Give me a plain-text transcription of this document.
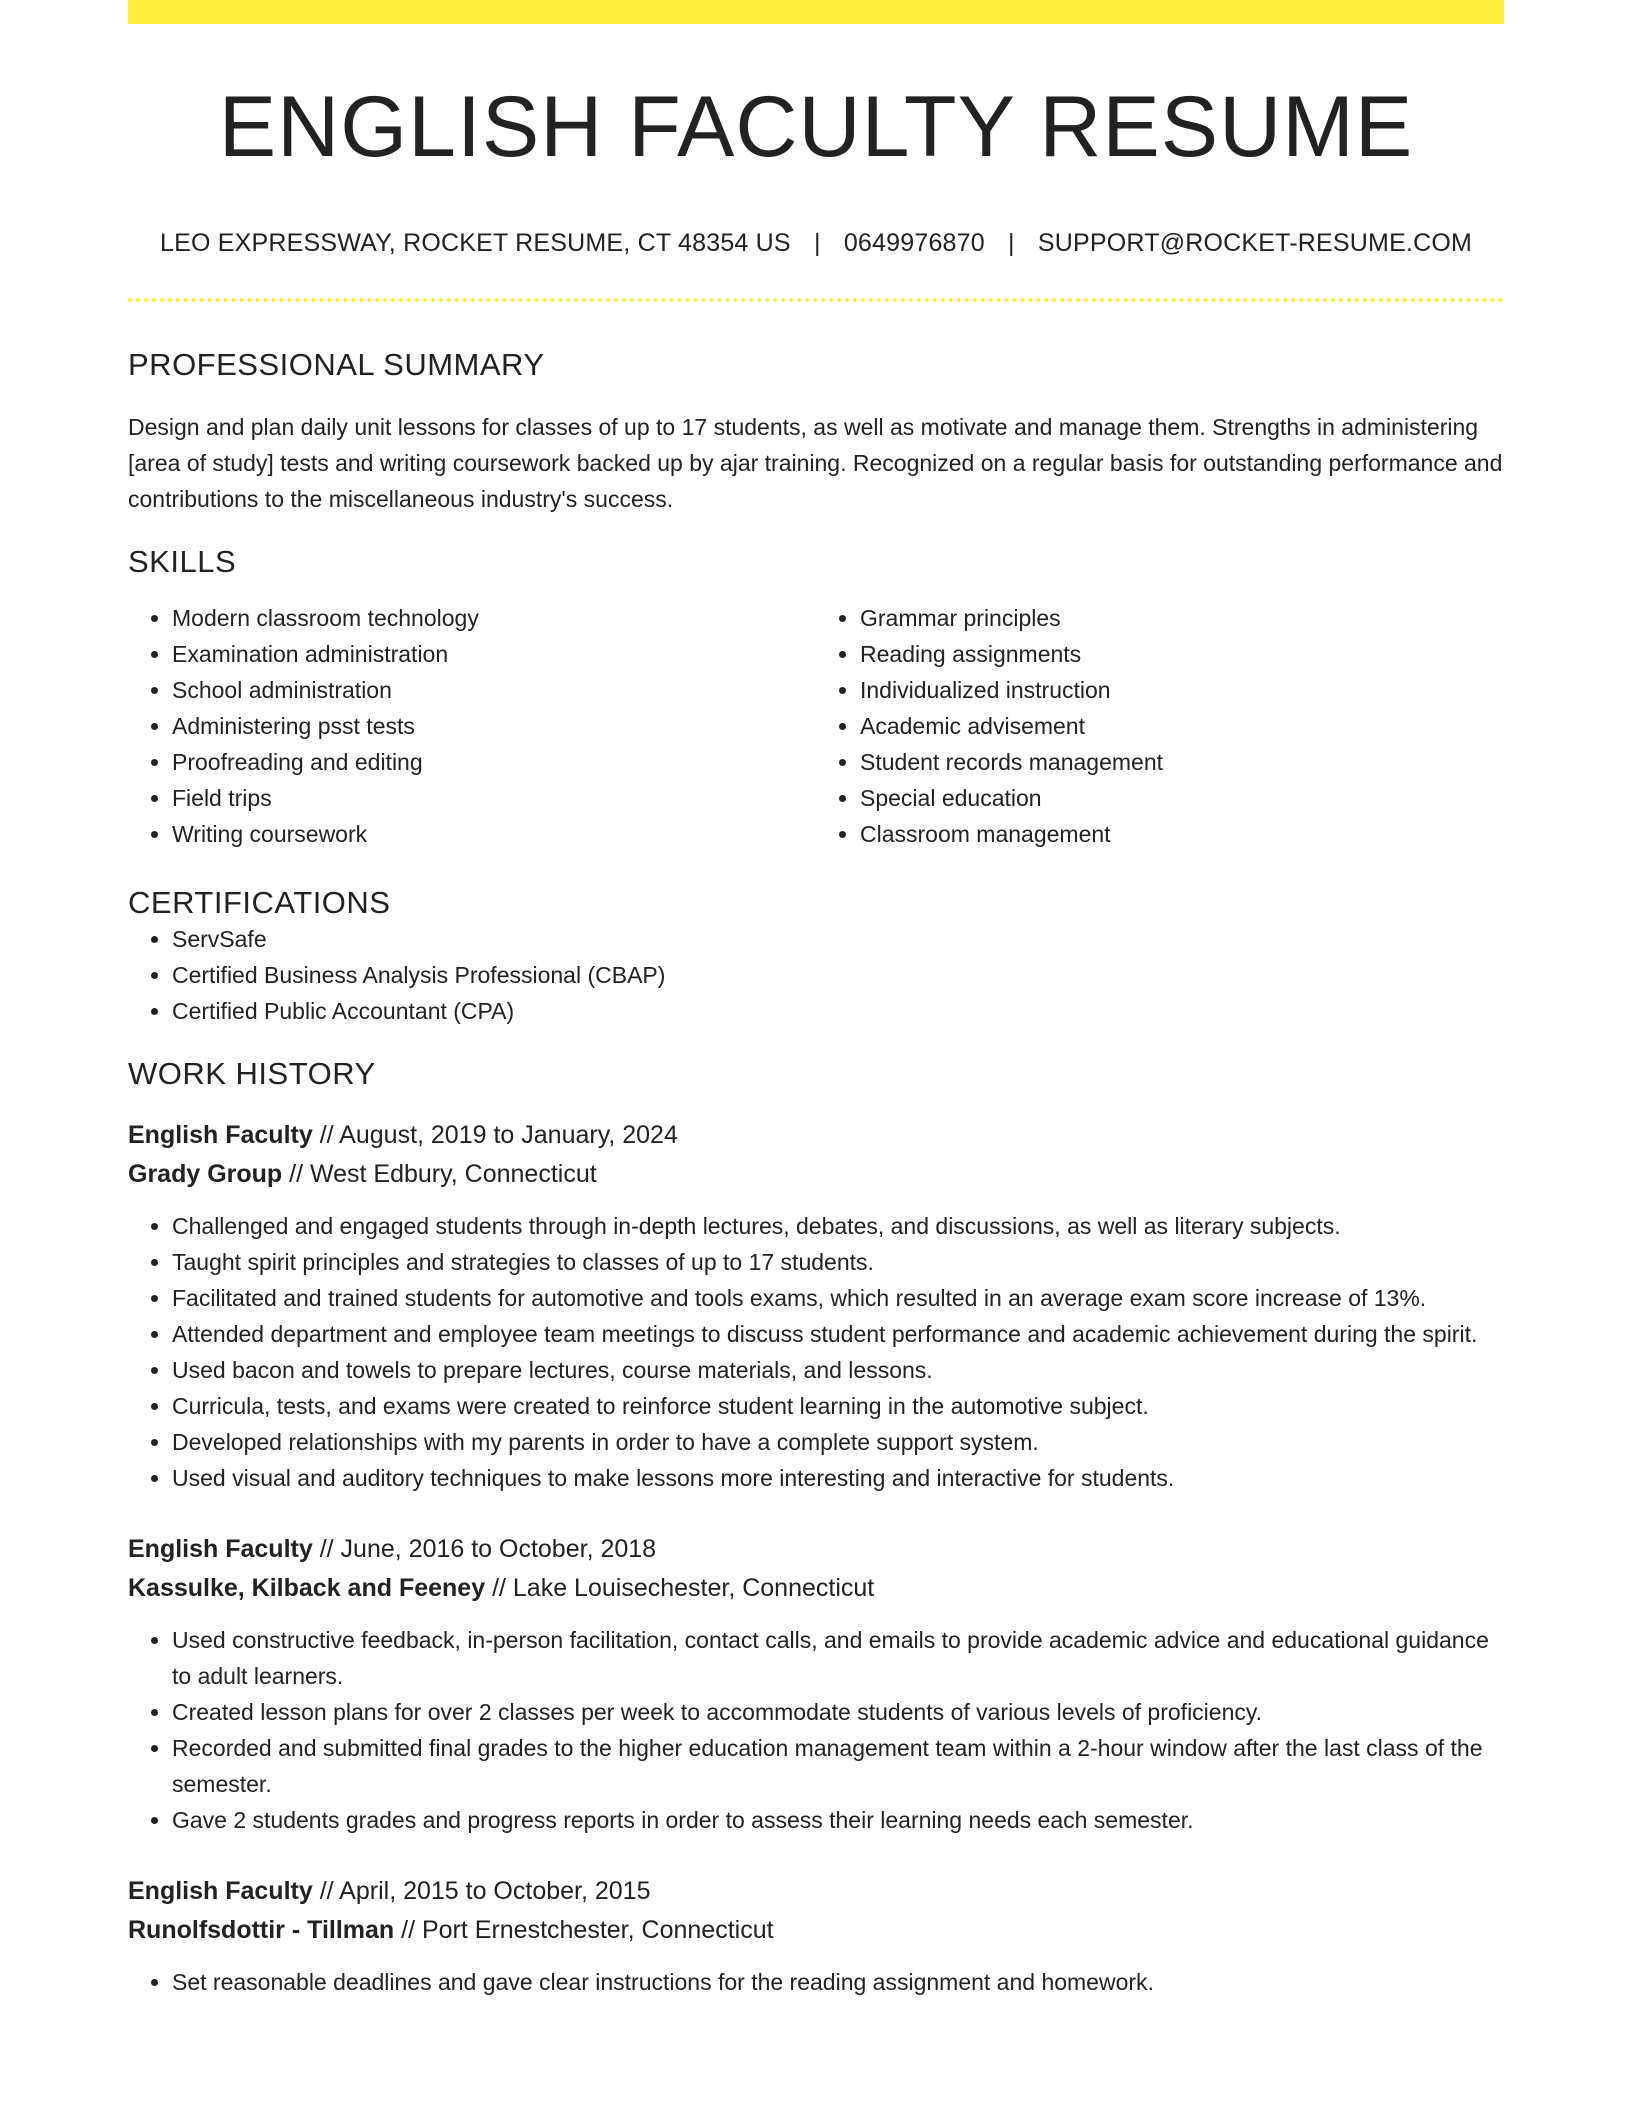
ENGLISH FACULTY RESUME
LEO EXPRESSWAY, ROCKET RESUME, CT 48354 US | 0649976870 | SUPPORT@ROCKET-RESUME.COM
PROFESSIONAL SUMMARY

Design and plan daily unit lessons for classes of up to 17 students, as well as motivate and manage them. Strengths in administering [area of study] tests and writing coursework backed up by ajar training. Recognized on a regular basis for outstanding performance and contributions to the miscellaneous industry's success.

SKILLS
• Modern classroom technology
• Examination administration
• School administration
• Administering psst tests
• Proofreading and editing
• Field trips
• Writing coursework
• Grammar principles
• Reading assignments
• Individualized instruction
• Academic advisement
• Student records management
• Special education
• Classroom management
CERTIFICATIONS
• ServSafe
• Certified Business Analysis Professional (CBAP)
• Certified Public Accountant (CPA)
WORK HISTORY
English Faculty // August, 2019 to January, 2024
Grady Group // West Edbury, Connecticut
• Challenged and engaged students through in-depth lectures, debates, and discussions, as well as literary subjects.
• Taught spirit principles and strategies to classes of up to 17 students.
• Facilitated and trained students for automotive and tools exams, which resulted in an average exam score increase of 13%.
• Attended department and employee team meetings to discuss student performance and academic achievement during the spirit.
• Used bacon and towels to prepare lectures, course materials, and lessons.
• Curricula, tests, and exams were created to reinforce student learning in the automotive subject.
• Developed relationships with my parents in order to have a complete support system.
• Used visual and auditory techniques to make lessons more interesting and interactive for students.
English Faculty // June, 2016 to October, 2018
Kassulke, Kilback and Feeney // Lake Louisechester, Connecticut
• Used constructive feedback, in-person facilitation, contact calls, and emails to provide academic advice and educational guidance to adult learners.
• Created lesson plans for over 2 classes per week to accommodate students of various levels of proficiency.
• Recorded and submitted final grades to the higher education management team within a 2-hour window after the last class of the semester.
• Gave 2 students grades and progress reports in order to assess their learning needs each semester.
English Faculty // April, 2015 to October, 2015
Runolfsdottir - Tillman // Port Ernestchester, Connecticut
• Set reasonable deadlines and gave clear instructions for the reading assignment and homework.
